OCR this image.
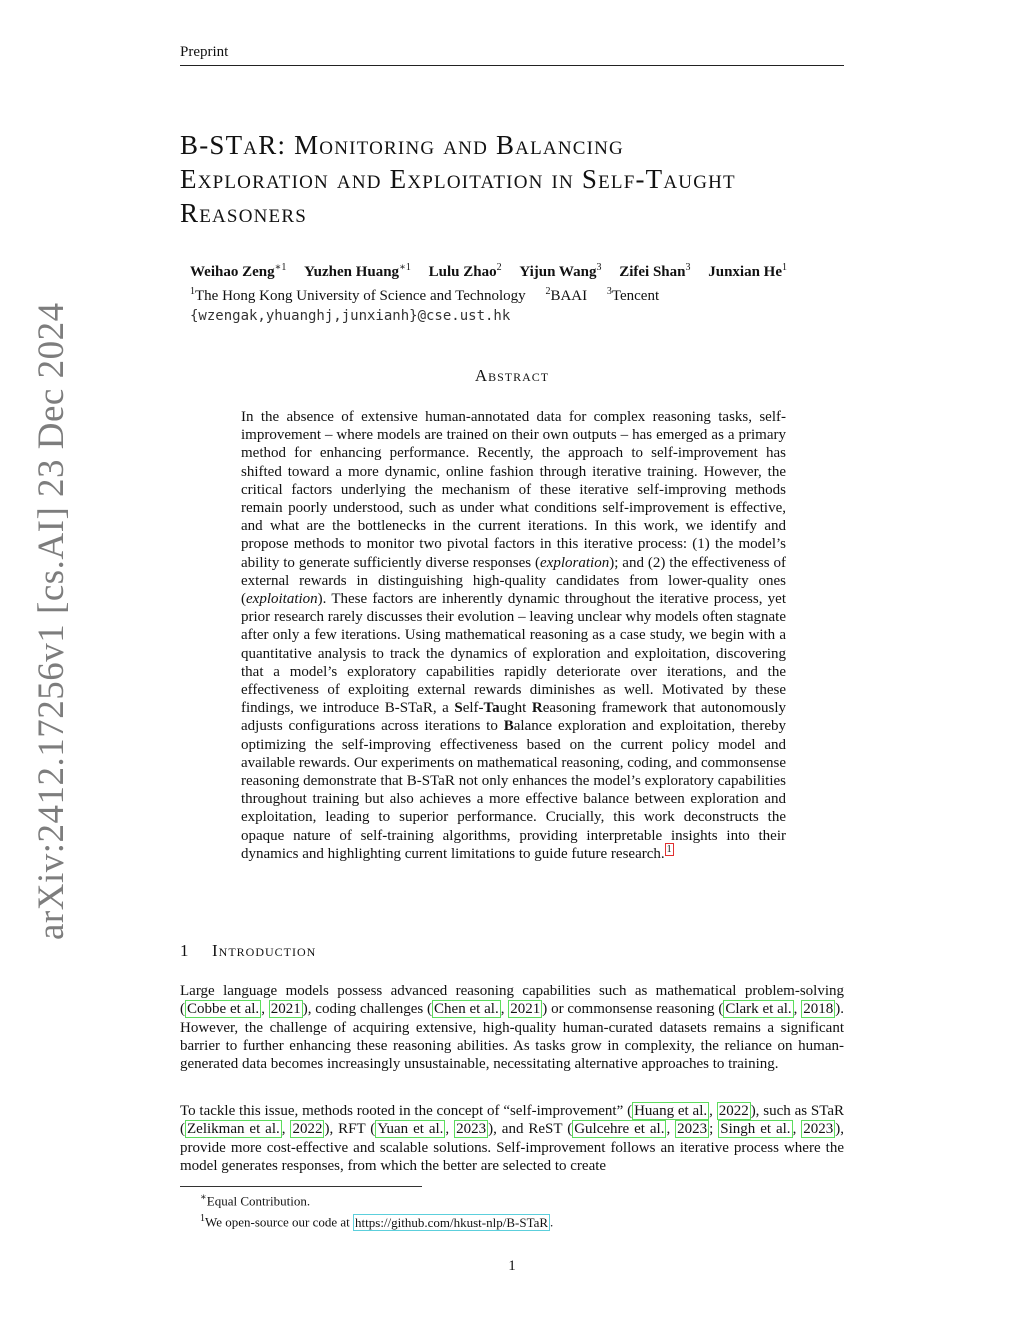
Preprint
arXiv:2412.17256v1 [cs.AI] 23 Dec 2024
B-STaR: Monitoring and Balancing
Exploration and Exploitation in Self-Taught
Reasoners
Weihao Zeng$^{∗1}$ Yuzhen Huang$^{∗1}$ Lulu Zhao$^2$ Yijun Wang$^3$ Zifei Shan$^3$ Junxian He$^1$
$^1$The Hong Kong University of Science and Technology $^2$BAAI $^3$Tencent
{wzengak,yhuanghj,junxianh}@cse.ust.hk
Abstract
In the absence of extensive human-annotated data for complex reasoning tasks, self-improvement – where models are trained on their own outputs – has emerged as a primary method for enhancing performance. Recently, the approach to self-improvement has shifted toward a more dynamic, online fashion through iterative training. However, the critical factors underlying the mechanism of these iterative self-improving methods remain poorly understood, such as under what conditions self-improvement is effective, and what are the bottlenecks in the current iterations. In this work, we identify and propose methods to monitor two pivotal factors in this iterative process: (1) the model’s ability to generate sufficiently diverse responses (exploration); and (2) the effectiveness of external rewards in distinguishing high-quality candidates from lower-quality ones (exploitation). These factors are inherently dynamic throughout the iterative process, yet prior research rarely discusses their evolution – leaving unclear why models often stagnate after only a few iterations. Using mathematical reasoning as a case study, we begin with a quantitative analysis to track the dynamics of exploration and exploitation, discovering that a model’s exploratory capabilities rapidly deteriorate over iterations, and the effectiveness of exploiting external rewards diminishes as well. Motivated by these findings, we introduce B-STaR, a Self-Taught Reasoning framework that autonomously adjusts configurations across iterations to Balance exploration and exploitation, thereby optimizing the self-improving effectiveness based on the current policy model and available rewards. Our experiments on mathematical reasoning, coding, and commonsense reasoning demonstrate that B-STaR not only enhances the model’s exploratory capabilities throughout training but also achieves a more effective balance between exploration and exploitation, leading to superior performance. Crucially, this work deconstructs the opaque nature of self-training algorithms, providing interpretable insights into their dynamics and highlighting current limitations to guide future research. $^1$
1 Introduction
Large language models possess advanced reasoning capabilities such as mathematical problem-solving ( Cobbe et al. , 2021 ), coding challenges ( Chen et al. , 2021 ) or commonsense reasoning ( Clark et al. , 2018 ). However, the challenge of acquiring extensive, high-quality human-curated datasets remains a significant barrier to further enhancing these reasoning abilities. As tasks grow in complexity, the reliance on human-generated data becomes increasingly unsustainable, necessitating alternative approaches to training.
To tackle this issue, methods rooted in the concept of “self-improvement” ( Huang et al. , 2022 ), such as STaR ( Zelikman et al. , 2022 ), RFT ( Yuan et al. , 2023 ), and ReST ( Gulcehre et al. , 2023 ; Singh et al. , 2023 ), provide more cost-effective and scalable solutions. Self-improvement follows an iterative process where the model generates responses, from which the better are selected to create
∗Equal Contribution.
$^1$We open-source our code at https://github.com/hkust-nlp/B-STaR .
1
